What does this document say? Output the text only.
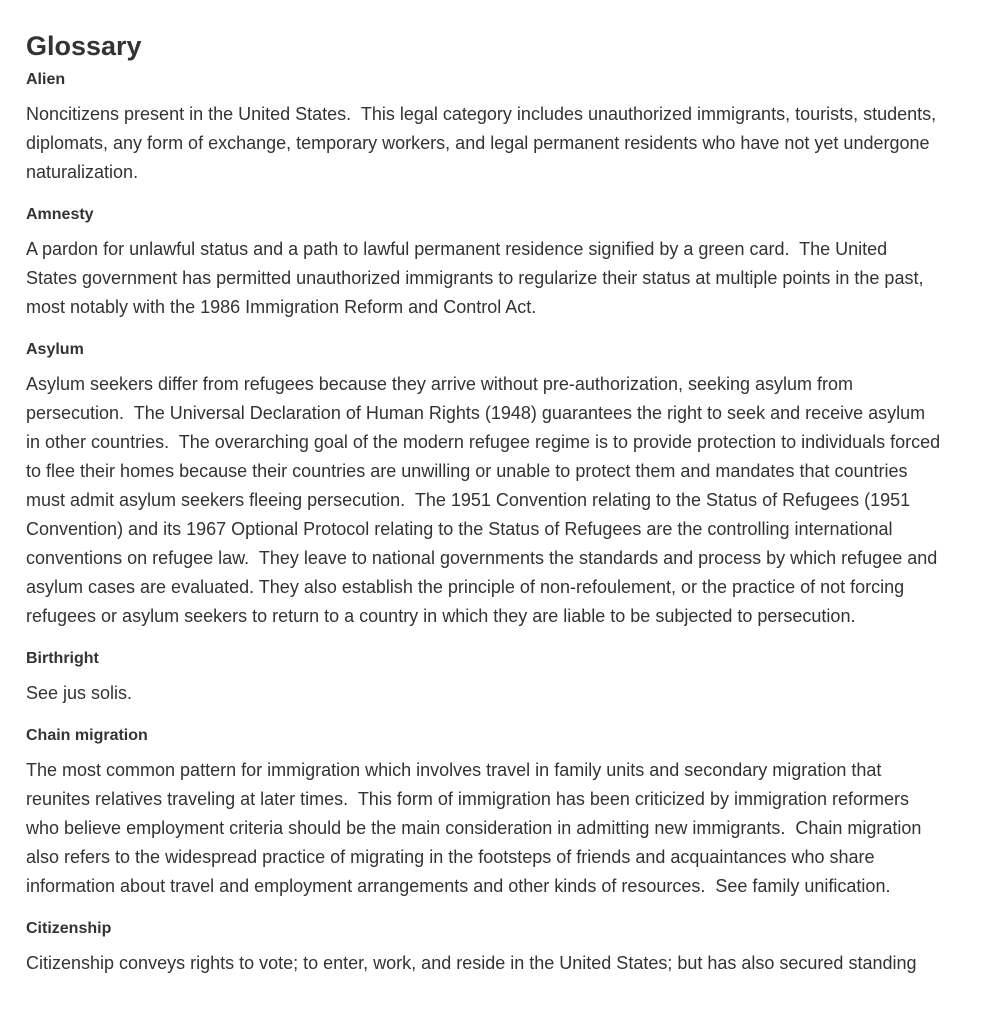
Glossary
Alien

Noncitizens present in the United States.  This legal category includes unauthorized immigrants, tourists, students, diplomats, any form of exchange, temporary workers, and legal permanent residents who have not yet undergone naturalization.

Amnesty

A pardon for unlawful status and a path to lawful permanent residence signified by a green card.  The United States government has permitted unauthorized immigrants to regularize their status at multiple points in the past, most notably with the 1986 Immigration Reform and Control Act.

Asylum

Asylum seekers differ from refugees because they arrive without pre-authorization, seeking asylum from persecution.  The Universal Declaration of Human Rights (1948) guarantees the right to seek and receive asylum in other countries.  The overarching goal of the modern refugee regime is to provide protection to individuals forced to flee their homes because their countries are unwilling or unable to protect them and mandates that countries must admit asylum seekers fleeing persecution.  The 1951 Convention relating to the Status of Refugees (1951 Convention) and its 1967 Optional Protocol relating to the Status of Refugees are the controlling international conventions on refugee law.  They leave to national governments the standards and process by which refugee and asylum cases are evaluated. They also establish the principle of non-refoulement, or the practice of not forcing refugees or asylum seekers to return to a country in which they are liable to be subjected to persecution.

Birthright

See jus solis.

Chain migration

The most common pattern for immigration which involves travel in family units and secondary migration that reunites relatives traveling at later times.  This form of immigration has been criticized by immigration reformers who believe employment criteria should be the main consideration in admitting new immigrants.  Chain migration also refers to the widespread practice of migrating in the footsteps of friends and acquaintances who share information about travel and employment arrangements and other kinds of resources.  See family unification.

Citizenship

Citizenship conveys rights to vote; to enter, work, and reside in the United States; but has also secured standing
